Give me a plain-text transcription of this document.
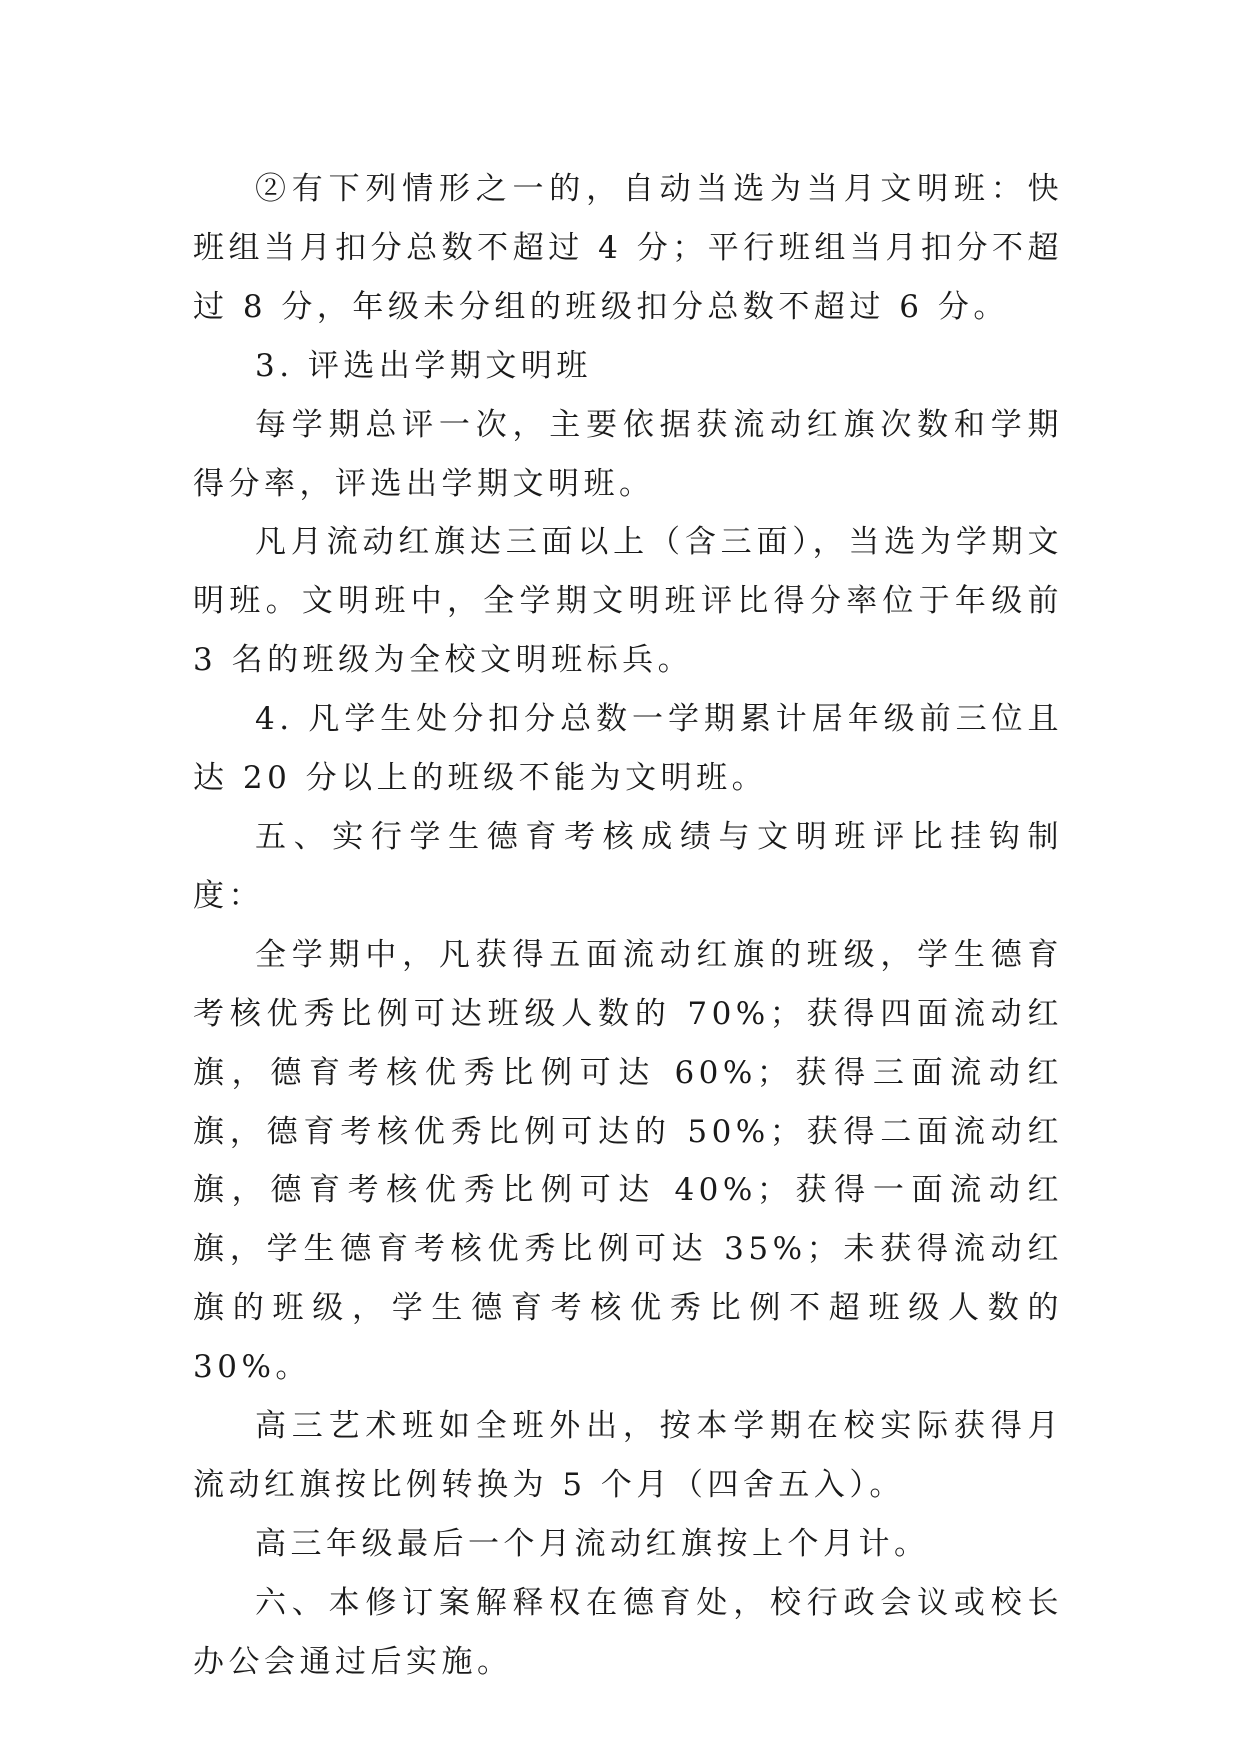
②有下列情形之一的，自动当选为当月文明班：快班组当月扣分总数不超过 4 分；平行班组当月扣分不超过 8 分，年级未分组的班级扣分总数不超过 6 分。

3. 评选出学期文明班

每学期总评一次，主要依据获流动红旗次数和学期得分率，评选出学期文明班。

凡月流动红旗达三面以上（含三面），当选为学期文明班。文明班中，全学期文明班评比得分率位于年级前 3 名的班级为全校文明班标兵。

4. 凡学生处分扣分总数一学期累计居年级前三位且达 20 分以上的班级不能为文明班。

五、实行学生德育考核成绩与文明班评比挂钩制度：

全学期中，凡获得五面流动红旗的班级，学生德育考核优秀比例可达班级人数的 70%；获得四面流动红旗，德育考核优秀比例可达 60%；获得三面流动红旗，德育考核优秀比例可达的 50%；获得二面流动红旗，德育考核优秀比例可达 40%；获得一面流动红旗，学生德育考核优秀比例可达 35%；未获得流动红旗的班级，学生德育考核优秀比例不超班级人数的 30%。

高三艺术班如全班外出，按本学期在校实际获得月流动红旗按比例转换为 5 个月（四舍五入）。

高三年级最后一个月流动红旗按上个月计。

六、本修订案解释权在德育处，校行政会议或校长办公会通过后实施。
